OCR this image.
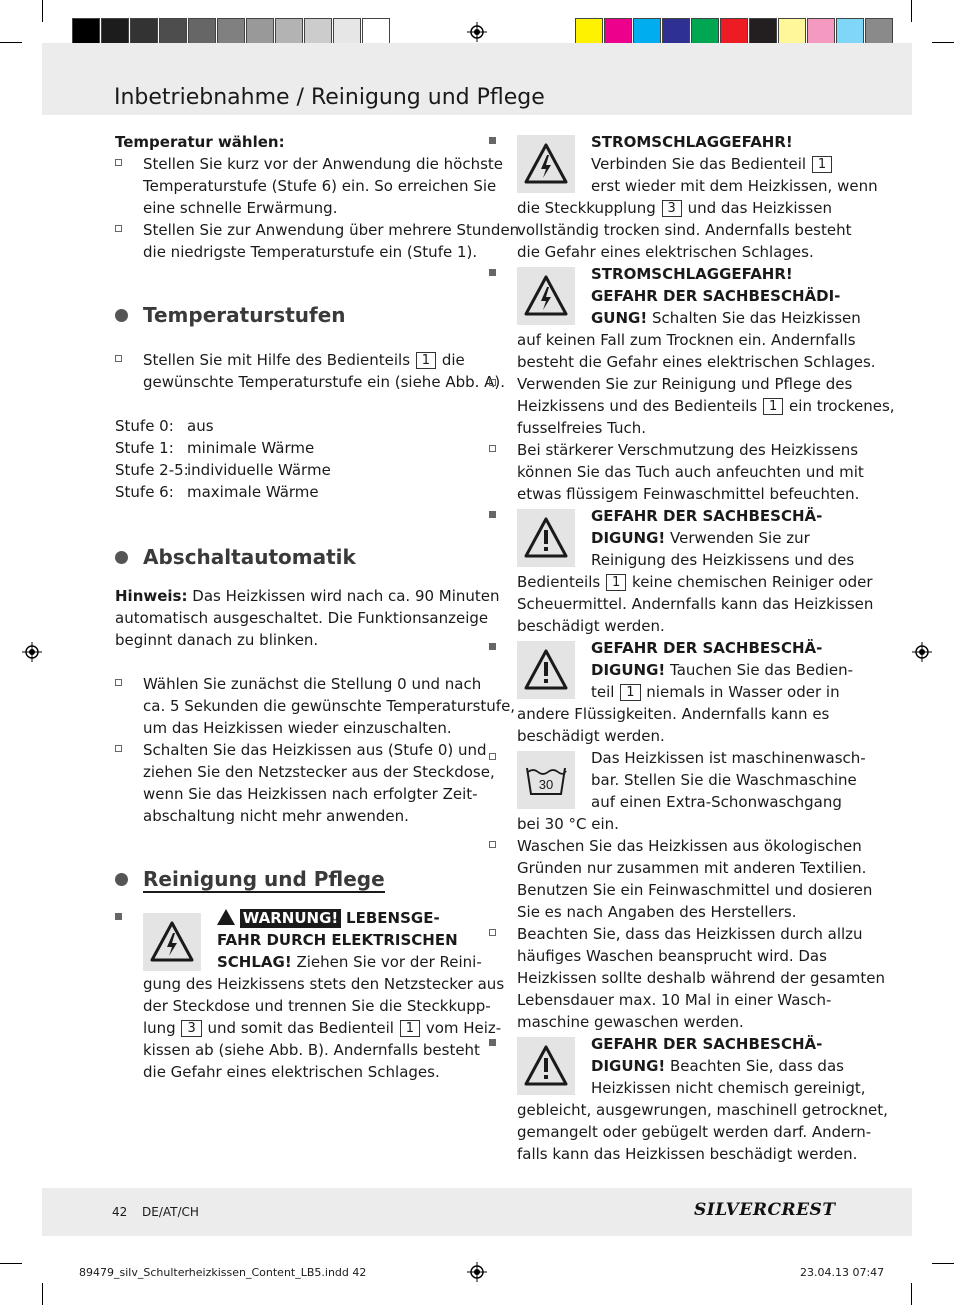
Inbetriebnahme / Reinigung und Pflege

Temperatur wählen:

Stellen Sie kurz vor der Anwendung die höchste

Temperaturstufe (Stufe 6) ein. So erreichen Sie

eine schnelle Erwärmung.

Stellen Sie zur Anwendung über mehrere Stunden

die niedrigste Temperaturstufe ein (Stufe 1).

Temperaturstufen

Stellen Sie mit Hilfe des Bedienteils 1 die

gewünschte Temperaturstufe ein (siehe Abb. A).

Stufe 0: aus
Stufe 1: minimale Wärme
Stufe 2-5:
individuelle Wärme
Stufe 6: maximale Wärme
Abschaltautomatik

Hinweis: Das Heizkissen wird nach ca. 90 Minuten

automatisch ausgeschaltet. Die Funktionsanzeige

beginnt danach zu blinken.

Wählen Sie zunächst die Stellung 0 und nach

ca. 5 Sekunden die gewünschte Temperaturstufe,

um das Heizkissen wieder einzuschalten.

Schalten Sie das Heizkissen aus (Stufe 0) und

ziehen Sie den Netzstecker aus der Steckdose,

wenn Sie das Heizkissen nach erfolgter Zeit-

abschaltung nicht mehr anwenden.

Reinigung und Pflege

WARNUNG! LEBENSGE-

FAHR DURCH ELEKTRISCHEN

SCHLAG! Ziehen Sie vor der Reini-

gung des Heizkissens stets den Netzstecker aus

der Steckdose und trennen Sie die Steckkupp-

lung 3 und somit das Bedienteil 1 vom Heiz-

kissen ab (siehe Abb. B). Andernfalls besteht

die Gefahr eines elektrischen Schlages.

STROMSCHLAGGEFAHR!

Verbinden Sie das Bedienteil 1

erst wieder mit dem Heizkissen, wenn

die Steckkupplung 3 und das Heizkissen

vollständig trocken sind. Andernfalls besteht

die Gefahr eines elektrischen Schlages.

STROMSCHLAGGEFAHR!

GEFAHR DER SACHBESCHÄDI-

GUNG! Schalten Sie das Heizkissen

auf keinen Fall zum Trocknen ein. Andernfalls

besteht die Gefahr eines elektrischen Schlages.

Verwenden Sie zur Reinigung und Pflege des

Heizkissens und des Bedienteils 1 ein trockenes,

fusselfreies Tuch.

Bei stärkerer Verschmutzung des Heizkissens

können Sie das Tuch auch anfeuchten und mit

etwas flüssigem Feinwaschmittel befeuchten.

GEFAHR DER SACHBESCHÄ-

DIGUNG! Verwenden Sie zur

Reinigung des Heizkissens und des

Bedienteils 1 keine chemischen Reiniger oder

Scheuermittel. Andernfalls kann das Heizkissen

beschädigt werden.

GEFAHR DER SACHBESCHÄ-

DIGUNG! Tauchen Sie das Bedien-

teil 1 niemals in Wasser oder in

andere Flüssigkeiten. Andernfalls kann es

beschädigt werden.

30

Das Heizkissen ist maschinenwasch-

bar. Stellen Sie die Waschmaschine

auf einen Extra-Schonwaschgang

bei 30 °C ein.

Waschen Sie das Heizkissen aus ökologischen

Gründen nur zusammen mit anderen Textilien.

Benutzen Sie ein Feinwaschmittel und dosieren

Sie es nach Angaben des Herstellers.

Beachten Sie, dass das Heizkissen durch allzu

häufiges Waschen beansprucht wird. Das

Heizkissen sollte deshalb während der gesamten

Lebensdauer max. 10 Mal in einer Wasch-

maschine gewaschen werden.

GEFAHR DER SACHBESCHÄ-

DIGUNG! Beachten Sie, dass das

Heizkissen nicht chemisch gereinigt,

gebleicht, ausgewrungen, maschinell getrocknet,

gemangelt oder gebügelt werden darf. Andern-

falls kann das Heizkissen beschädigt werden.

42 DE/AT/CH	SILVERCREST
89479_silv_Schulterheizkissen_Content_LB5.indd 42	23.04.13 07:47
